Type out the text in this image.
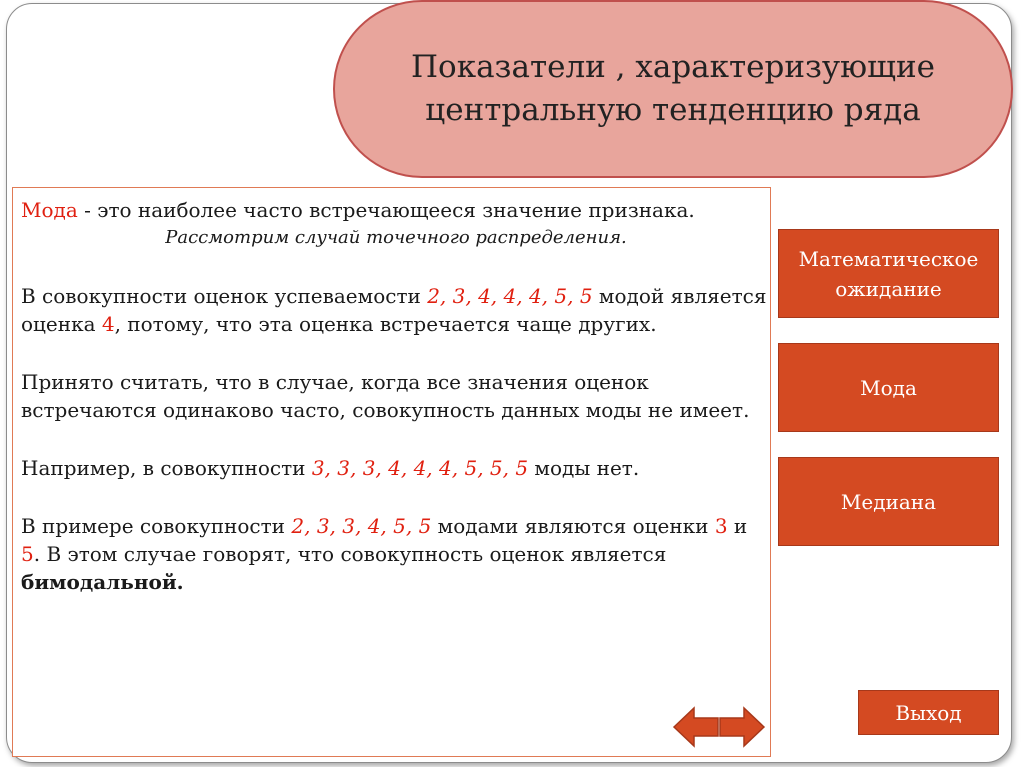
Показатели , характеризующие
центральную тенденцию ряда

Мода - это наиболее часто встречающееся значение признака.

Рассмотрим случай точечного распределения.

В совокупности оценок успеваемости 2, 3, 4, 4, 4, 5, 5 модой является оценка 4, потому, что эта оценка встречается чаще других.

Принято считать, что в случае, когда все значения оценок встречаются одинаково часто, совокупность данных моды не имеет.

Например, в совокупности 3, 3, 3, 4, 4, 4, 5, 5, 5 моды нет.

В примере совокупности 2, 3, 3, 4, 5, 5 модами являются оценки 3 и 5. В этом случае говорят, что совокупность оценок является бимодальной.

Математическое
ожидание
Мода
Медиана
Выход
